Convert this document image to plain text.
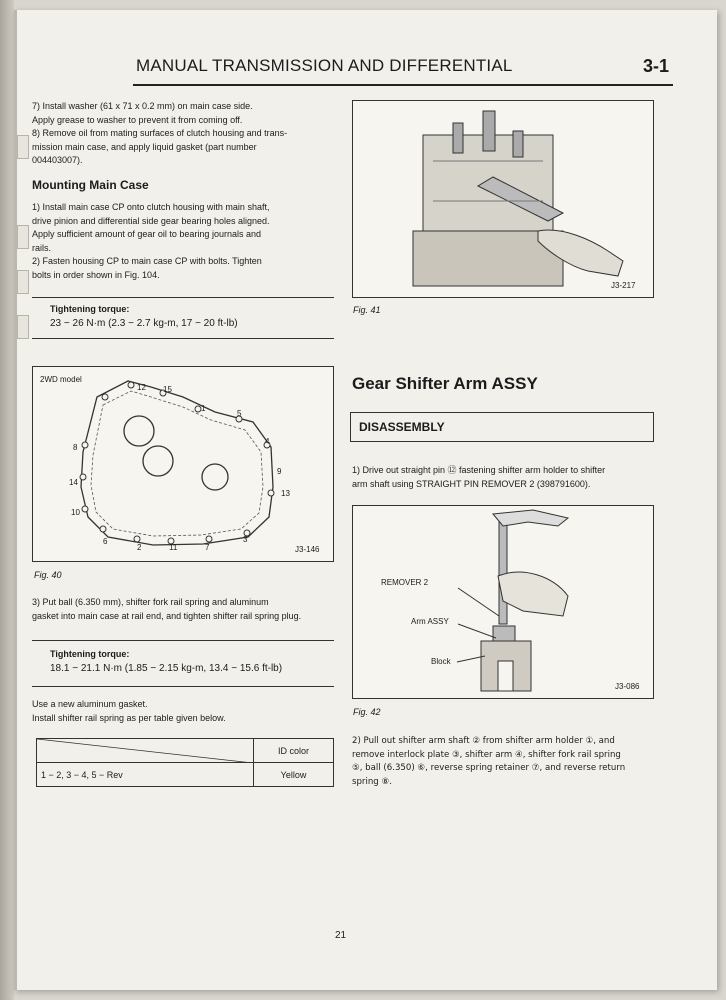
MANUAL TRANSMISSION AND DIFFERENTIAL	3-1
7) Install washer (61 x 71 x 0.2 mm) on main case side.
Apply grease to washer to prevent it from coming off.
8) Remove oil from mating surfaces of clutch housing and trans-
mission main case, and apply liquid gasket (part number
004403007).
Mounting Main Case
1) Install main case CP onto clutch housing with main shaft,
drive pinion and differential side gear bearing holes aligned.
Apply sufficient amount of gear oil to bearing journals and
rails.
2) Fasten housing CP to main case CP with bolts. Tighten
bolts in order shown in Fig. 104.
Tightening torque:
23 − 26 N·m (2.3 − 2.7 kg-m, 17 − 20 ft-lb)
2WD model
12 15
1
5
4
9
13
3
7
11
2
6
10
14
8
J3-146
Fig. 40
3) Put ball (6.350 mm), shifter fork rail spring and aluminum
gasket into main case at rail end, and tighten shifter rail spring plug.
Tightening torque:
18.1 − 21.1 N·m (1.85 − 2.15 kg-m, 13.4 − 15.6 ft-lb)
Use a new aluminum gasket.
Install shifter rail spring as per table given below.
	ID color
1 − 2, 3 − 4, 5 − Rev	Yellow
J3-217
Fig. 41
Gear Shifter Arm ASSY
DISASSEMBLY
1) Drive out straight pin ⑫ fastening shifter arm holder to shifter
arm shaft using STRAIGHT PIN REMOVER 2 (398791600).
REMOVER 2
Arm ASSY
Block
J3-086
Fig. 42
2) Pull out shifter arm shaft ② from shifter arm holder ①, and
remove interlock plate ③, shifter arm ④, shifter fork rail spring
⑤, ball (6.350) ⑥, reverse spring retainer ⑦, and reverse return
spring ⑧.
21
